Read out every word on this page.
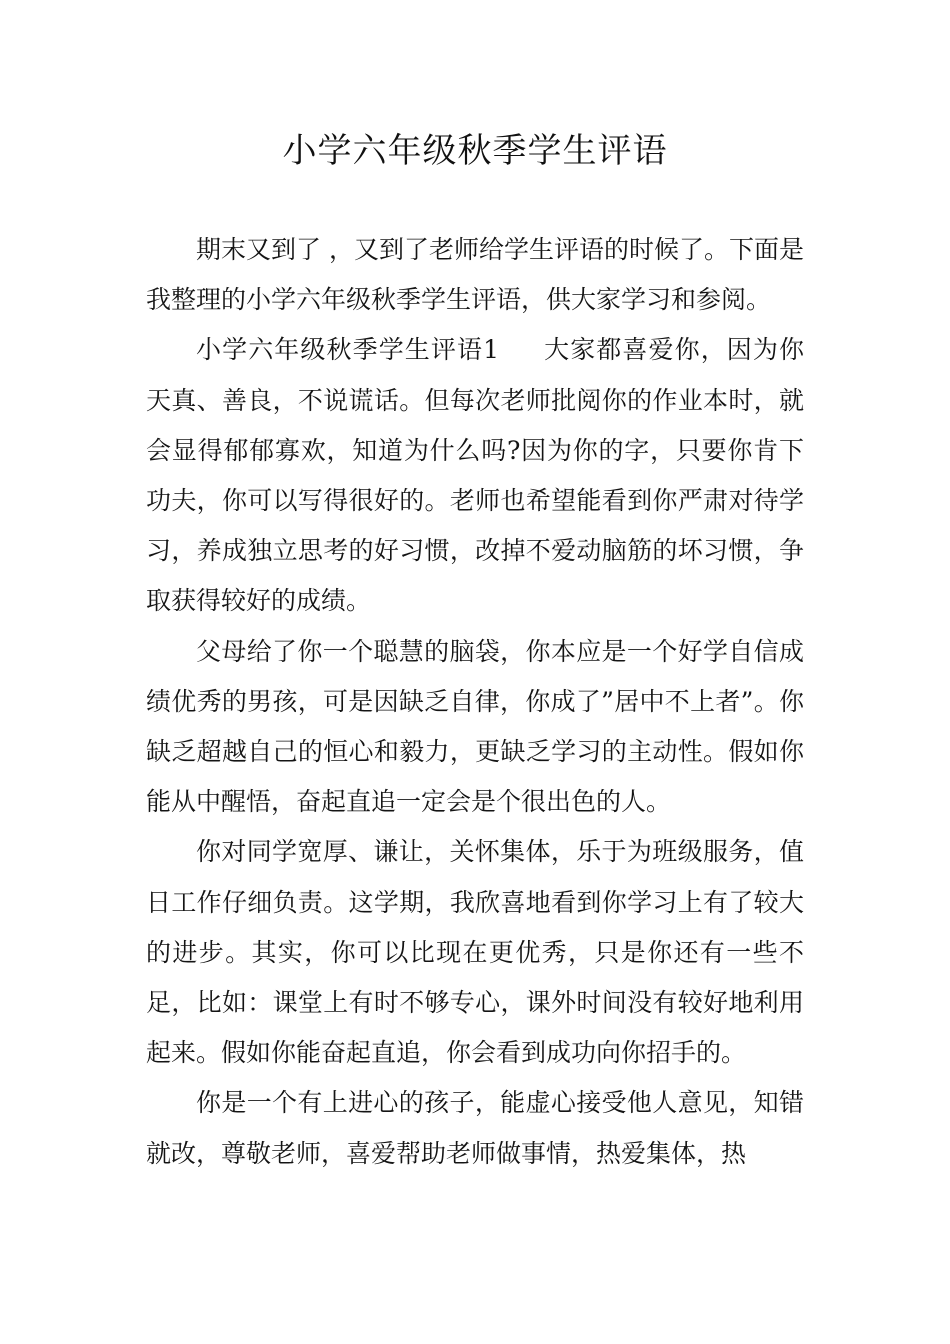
小学六年级秋季学生评语

期末又到了 ，又到了老师给学生评语的时候了。下面是我整理的小学六年级秋季学生评语，供大家学习和参阅。

小学六年级秋季学生评语1 大家都喜爱你，因为你天真、善良，不说谎话。但每次老师批阅你的作业本时，就会显得郁郁寡欢，知道为什么吗?因为你的字，只要你肯下功夫，你可以写得很好的。老师也希望能看到你严肃对待学习，养成独立思考的好习惯，改掉不爱动脑筋的坏习惯，争取获得较好的成绩。

父母给了你一个聪慧的脑袋，你本应是一个好学自信成绩优秀的男孩，可是因缺乏自律，你成了”居中不上者”。你缺乏超越自己的恒心和毅力，更缺乏学习的主动性。假如你能从中醒悟，奋起直追一定会是个很出色的人。

你对同学宽厚、谦让，关怀集体，乐于为班级服务，值日工作仔细负责。这学期，我欣喜地看到你学习上有了较大的进步。其实，你可以比现在更优秀，只是你还有一些不足，比如：课堂上有时不够专心，课外时间没有较好地利用起来。假如你能奋起直追，你会看到成功向你招手的。

你是一个有上进心的孩子，能虚心接受他人意见，知错就改，尊敬老师，喜爱帮助老师做事情，热爱集体，热
